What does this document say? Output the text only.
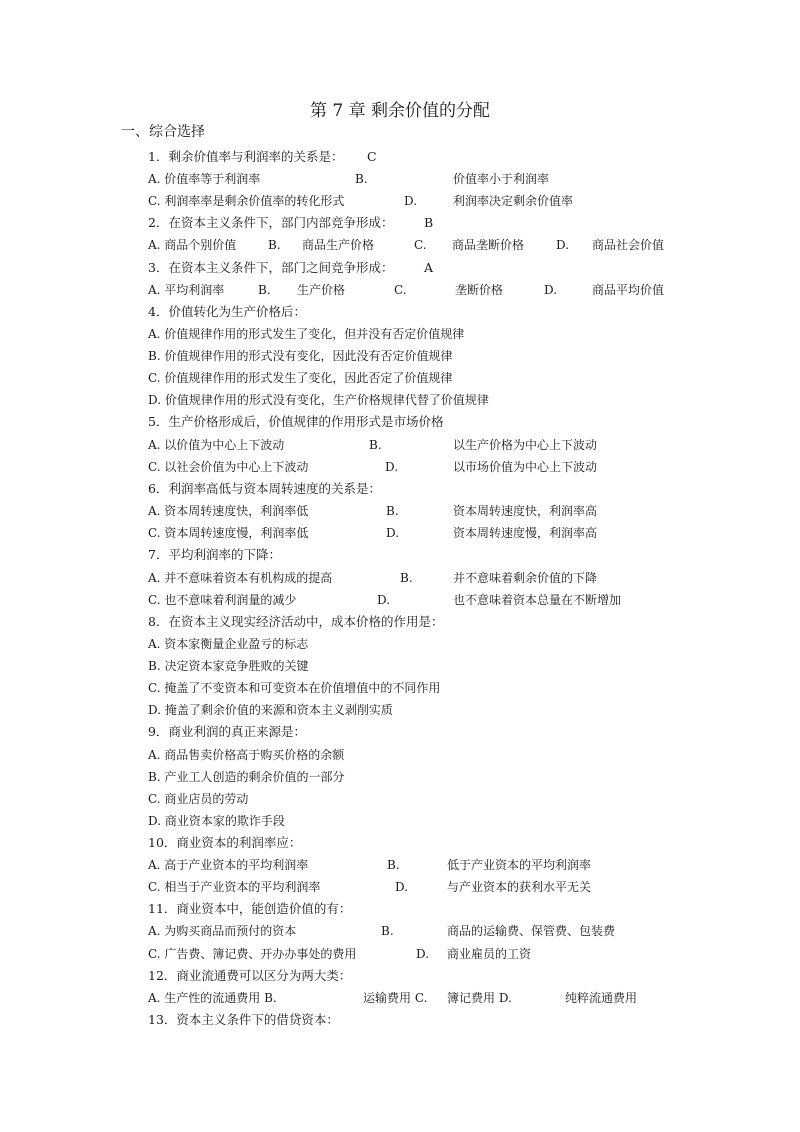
第 7 章 剩余价值的分配
一、综合选择
1．剩余价值率与利润率的关系是： C
A. 价值率等于利润率	B.	价值率小于利润率
C. 利润率率是剩余价值率的转化形式	D.	利润率决定剩余价值率
2．在资本主义条件下，部门内部竞争形成： B
A. 商品个别价值	B. 商品生产价格	C. 商品垄断价格	D. 商品社会价值
3．在资本主义条件下，部门之间竞争形成： A
A. 平均利润率	B. 生产价格	C.	垄断价格	D.	商品平均价值
4．价值转化为生产价格后：
A. 价值规律作用的形式发生了变化，但并没有否定价值规律
B. 价值规律作用的形式没有变化，因此没有否定价值规律
C. 价值规律作用的形式发生了变化，因此否定了价值规律
D. 价值规律作用的形式没有变化，生产价格规律代替了价值规律
5．生产价格形成后，价值规律的作用形式是市场价格
A. 以价值为中心上下波动	B.	以生产价格为中心上下波动
C. 以社会价值为中心上下波动	D.	以市场价值为中心上下波动
6．利润率高低与资本周转速度的关系是：
A. 资本周转速度快，利润率低	B.	资本周转速度快，利润率高
C. 资本周转速度慢，利润率低	D.	资本周转速度慢，利润率高
7．平均利润率的下降：
A. 并不意味着资本有机构成的提高	B.	并不意味着剩余价值的下降
C. 也不意味着利润量的减少	D.	也不意味着资本总量在不断增加
8．在资本主义现实经济活动中，成本价格的作用是：
A. 资本家衡量企业盈亏的标志
B. 决定资本家竞争胜败的关键
C. 掩盖了不变资本和可变资本在价值增值中的不同作用
D. 掩盖了剩余价值的来源和资本主义剥削实质
9．商业利润的真正来源是：
A. 商品售卖价格高于购买价格的余额
B. 产业工人创造的剩余价值的一部分
C. 商业店员的劳动
D. 商业资本家的欺诈手段
10．商业资本的利润率应：
A. 高于产业资本的平均利润率	B.	低于产业资本的平均利润率
C. 相当于产业资本的平均利润率	D.	与产业资本的获利水平无关
11．商业资本中，能创造价值的有：
A. 为购买商品而预付的资本	B.	商品的运输费、保管费、包装费
C. 广告费、簿记费、开办办事处的费用	D. 商业雇员的工资
12．商业流通费可以区分为两大类：
A. 生产性的流通费用 B.	运输费用 C. 簿记费用 D.	纯粹流通费用
13．资本主义条件下的借贷资本：
